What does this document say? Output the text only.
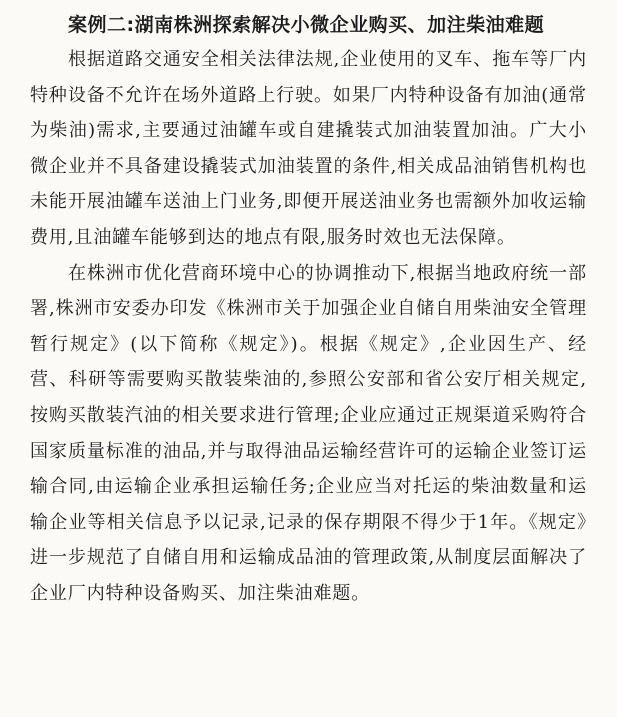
案例二:湖南株洲探索解决小微企业购买、加注柴油难题

根据道路交通安全相关法律法规,企业使用的叉车、拖车等厂内特种设备不允许在场外道路上行驶。如果厂内特种设备有加油(通常为柴油)需求,主要通过油罐车或自建撬装式加油装置加油。广大小微企业并不具备建设撬装式加油装置的条件,相关成品油销售机构也未能开展油罐车送油上门业务,即便开展送油业务也需额外加收运输费用,且油罐车能够到达的地点有限,服务时效也无法保障。

在株洲市优化营商环境中心的协调推动下,根据当地政府统一部署,株洲市安委办印发《株洲市关于加强企业自储自用柴油安全管理暂行规定》(以下简称《规定》)。根据《规定》,企业因生产、经营、科研等需要购买散装柴油的,参照公安部和省公安厅相关规定,按购买散装汽油的相关要求进行管理;企业应通过正规渠道采购符合国家质量标准的油品,并与取得油品运输经营许可的运输企业签订运输合同,由运输企业承担运输任务;企业应当对托运的柴油数量和运输企业等相关信息予以记录,记录的保存期限不得少于1年。《规定》进一步规范了自储自用和运输成品油的管理政策,从制度层面解决了企业厂内特种设备购买、加注柴油难题。
